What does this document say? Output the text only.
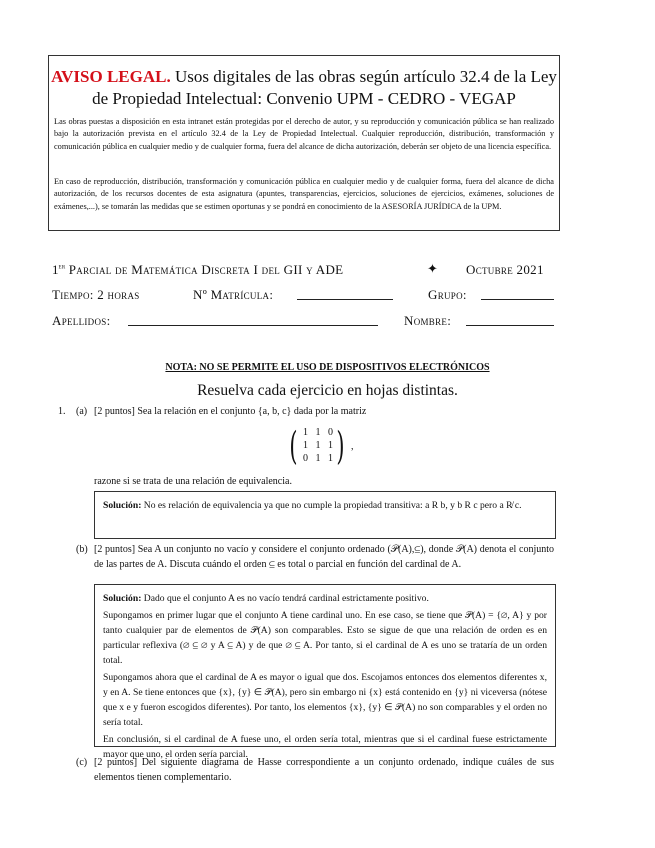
AVISO LEGAL. Usos digitales de las obras según artículo 32.4 de la Ley de Propiedad Intelectual: Convenio UPM - CEDRO - VEGAP
Las obras puestas a disposición en esta intranet están protegidas por el derecho de autor, y su reproducción y comunicación pública se han realizado bajo la autorización prevista en el artículo 32.4 de la Ley de Propiedad Intelectual. Cualquier reproducción, distribución, transformación y comunicación pública en cualquier medio y de cualquier forma, fuera del alcance de dicha autorización, deberán ser objeto de una licencia específica.
En caso de reproducción, distribución, transformación y comunicación pública en cualquier medio y de cualquier forma, fuera del alcance de dicha autorización, de los recursos docentes de esta asignatura (apuntes, transparencias, ejercicios, soluciones de ejercicios, exámenes, soluciones de exámenes,...), se tomarán las medidas que se estimen oportunas y se pondrá en conocimiento de la ASESORÍA JURÍDICA de la UPM.
1er Parcial de Matemática Discreta I del GII y ADE	✦ Octubre 2021
Tiempo: 2 horas	Nº Matrícula:	Grupo:
Apellidos:	Nombre:
NOTA: NO SE PERMITE EL USO DE DISPOSITIVOS ELECTRÓNICOS
Resuelva cada ejercicio en hojas distintas.
1. (a) [2 puntos] Sea la relación en el conjunto {a, b, c} dada por la matriz
( 1   1   0
1   1   1
0   1   1 ) ,
razone si se trata de una relación de equivalencia.

Solución: No es relación de equivalencia ya que no cumple la propiedad transitiva: a R b, y b R c pero a R̸ c.

(b) [2 puntos] Sea A un conjunto no vacío y considere el conjunto ordenado (𝒫(A),⊆), donde 𝒫(A) denota el conjunto de las partes de A. Discuta cuándo el orden ⊆ es total o parcial en función del cardinal de A.

Solución: Dado que el conjunto A es no vacío tendrá cardinal estrictamente positivo.

Supongamos en primer lugar que el conjunto A tiene cardinal uno. En ese caso, se tiene que 𝒫(A) = {∅, A} y por tanto cualquier par de elementos de 𝒫(A) son comparables. Esto se sigue de que una relación de orden es en particular reflexiva (∅ ⊆ ∅ y A ⊆ A) y de que ∅ ⊆ A. Por tanto, si el cardinal de A es uno se trataría de un orden total.

Supongamos ahora que el cardinal de A es mayor o igual que dos. Escojamos entonces dos elementos diferentes x, y en A. Se tiene entonces que {x}, {y} ∈ 𝒫(A), pero sin embargo ni {x} está contenido en {y} ni viceversa (nótese que x e y fueron escogidos diferentes). Por tanto, los elementos {x}, {y} ∈ 𝒫(A) no son comparables y el orden no sería total.

En conclusión, si el cardinal de A fuese uno, el orden sería total, mientras que si el cardinal fuese estrictamente mayor que uno, el orden sería parcial.

(c) [2 puntos] Del siguiente diagrama de Hasse correspondiente a un conjunto ordenado, indique cuáles de sus elementos tienen complementario.
